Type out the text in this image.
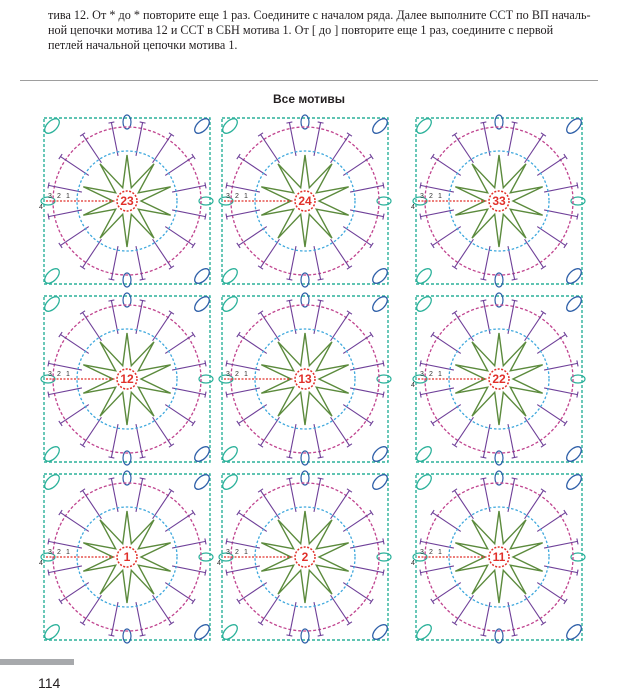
тива 12. От * до * повторите еще 1 раз. Соедините с началом ряда. Далее выполните ССТ по ВП началь-
ной цепочки мотива 12 и ССТ в СБН мотива 1. От [ до ] повторите еще 1 раз, соедините с первой
петлей начальной цепочки мотива 1.
Все мотивы
23
3 2 1
4	24
3 2 1	33
3 2 1
4
12
3 2 1	13
3 2 1	22
3 2 1
4
1
3 2 1
4	2
3 2 1
4	11
3 2 1
4
114
